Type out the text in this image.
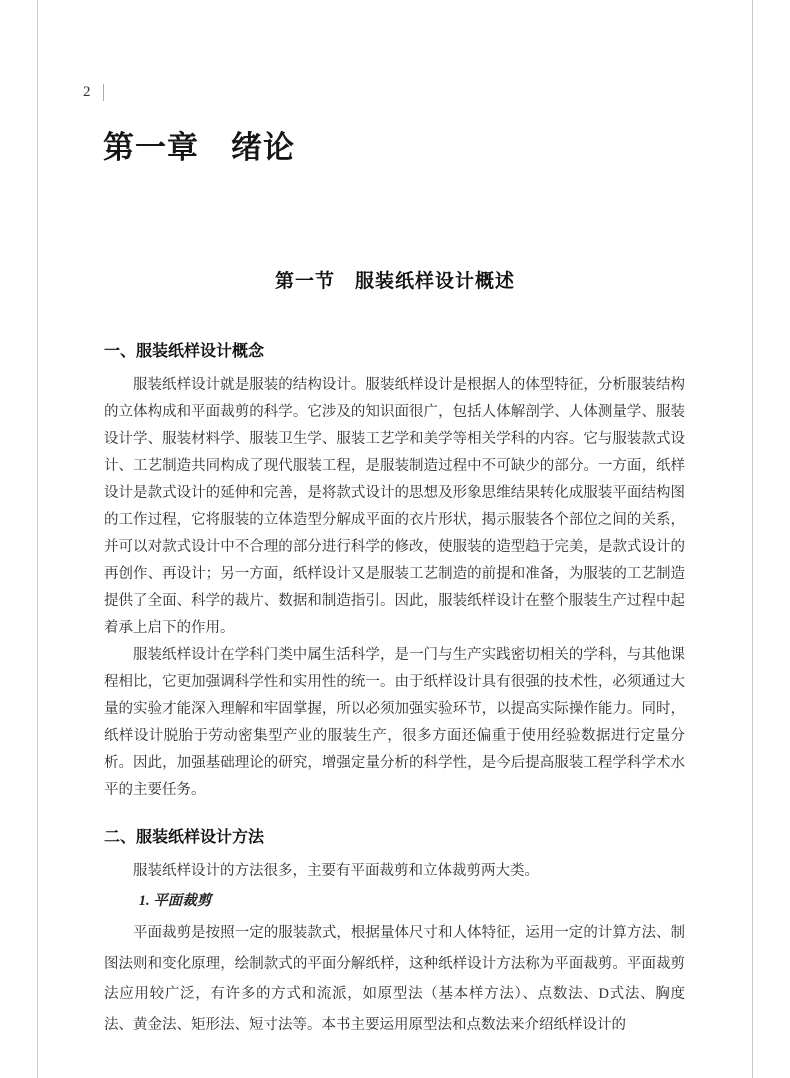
2
第一章　绪论
第一节　服装纸样设计概述
一、服装纸样设计概念

服装纸样设计就是服装的结构设计。服装纸样设计是根据人的体型特征，分析服装结构的立体构成和平面裁剪的科学。它涉及的知识面很广，包括人体解剖学、人体测量学、服装设计学、服装材料学、服装卫生学、服装工艺学和美学等相关学科的内容。它与服装款式设计、工艺制造共同构成了现代服装工程，是服装制造过程中不可缺少的部分。一方面，纸样设计是款式设计的延伸和完善，是将款式设计的思想及形象思维结果转化成服装平面结构图的工作过程，它将服装的立体造型分解成平面的衣片形状，揭示服装各个部位之间的关系，并可以对款式设计中不合理的部分进行科学的修改，使服装的造型趋于完美，是款式设计的再创作、再设计；另一方面，纸样设计又是服装工艺制造的前提和准备，为服装的工艺制造提供了全面、科学的裁片、数据和制造指引。因此，服装纸样设计在整个服装生产过程中起着承上启下的作用。

服装纸样设计在学科门类中属生活科学，是一门与生产实践密切相关的学科，与其他课程相比，它更加强调科学性和实用性的统一。由于纸样设计具有很强的技术性，必须通过大量的实验才能深入理解和牢固掌握，所以必须加强实验环节，以提高实际操作能力。同时，纸样设计脱胎于劳动密集型产业的服装生产，很多方面还偏重于使用经验数据进行定量分析。因此，加强基础理论的研究，增强定量分析的科学性，是今后提高服装工程学科学术水平的主要任务。

二、服装纸样设计方法

服装纸样设计的方法很多，主要有平面裁剪和立体裁剪两大类。

1. 平面裁剪

平面裁剪是按照一定的服装款式，根据量体尺寸和人体特征，运用一定的计算方法、制图法则和变化原理，绘制款式的平面分解纸样，这种纸样设计方法称为平面裁剪。平面裁剪法应用较广泛，有许多的方式和流派，如原型法（基本样方法）、点数法、D式法、胸度法、黄金法、矩形法、短寸法等。本书主要运用原型法和点数法来介绍纸样设计的
